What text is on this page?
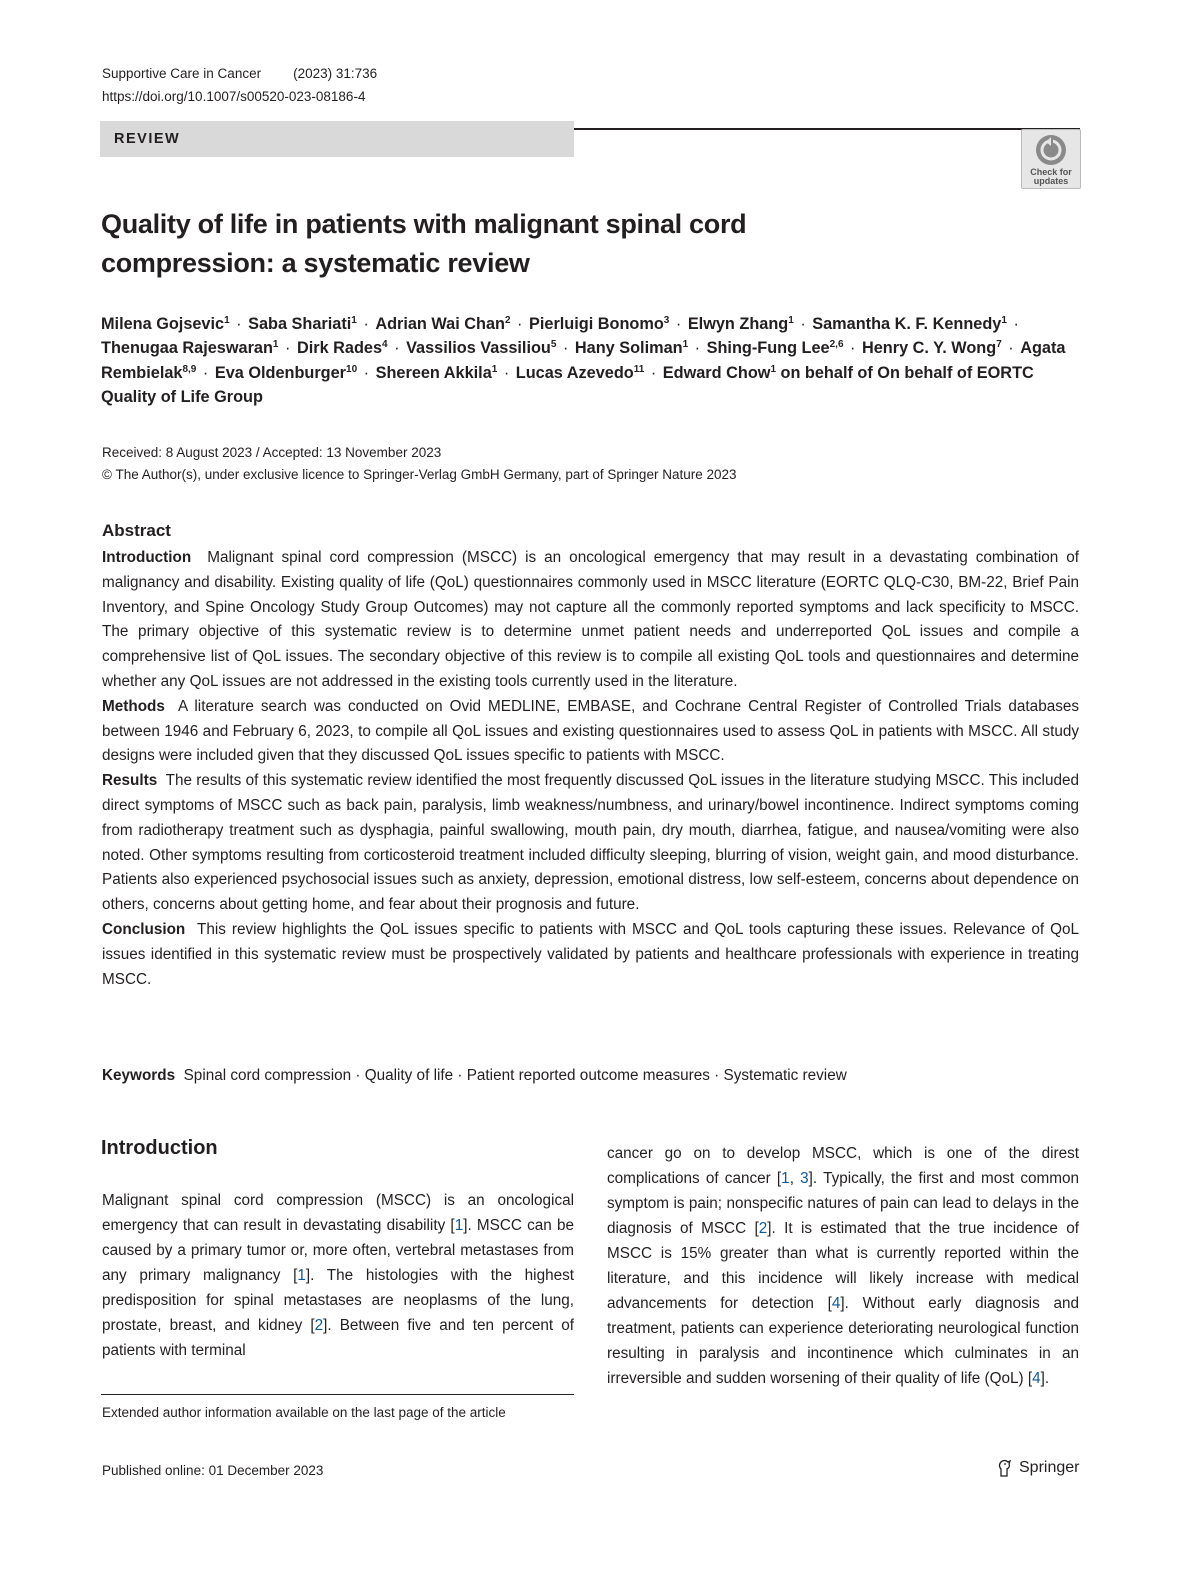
Supportive Care in Cancer (2023) 31:736
https://doi.org/10.1007/s00520-023-08186-4
REVIEW
Check for updates
Quality of life in patients with malignant spinal cord
compression: a systematic review
Milena Gojsevic$^1$ · Saba Shariati$^1$ · Adrian Wai Chan$^2$ · Pierluigi Bonomo$^3$ · Elwyn Zhang$^1$ · Samantha K. F. Kennedy$^1$ · Thenugaa Rajeswaran$^1$ · Dirk Rades$^4$ · Vassilios Vassiliou$^5$ · Hany Soliman$^1$ · Shing-Fung Lee$^{2,6}$ · Henry C. Y. Wong$^7$ · Agata Rembielak$^{8,9}$ · Eva Oldenburger$^{10}$ · Shereen Akkila$^1$ · Lucas Azevedo$^{11}$ · Edward Chow$^1$ on behalf of On behalf of EORTC Quality of Life Group
Received: 8 August 2023 / Accepted: 13 November 2023
© The Author(s), under exclusive licence to Springer-Verlag GmbH Germany, part of Springer Nature 2023
Abstract

Introduction Malignant spinal cord compression (MSCC) is an oncological emergency that may result in a devastating combination of malignancy and disability. Existing quality of life (QoL) questionnaires commonly used in MSCC literature (EORTC QLQ-C30, BM-22, Brief Pain Inventory, and Spine Oncology Study Group Outcomes) may not capture all the commonly reported symptoms and lack specificity to MSCC. The primary objective of this systematic review is to determine unmet patient needs and underreported QoL issues and compile a comprehensive list of QoL issues. The secondary objective of this review is to compile all existing QoL tools and questionnaires and determine whether any QoL issues are not addressed in the existing tools currently used in the literature.

Methods A literature search was conducted on Ovid MEDLINE, EMBASE, and Cochrane Central Register of Controlled Trials databases between 1946 and February 6, 2023, to compile all QoL issues and existing questionnaires used to assess QoL in patients with MSCC. All study designs were included given that they discussed QoL issues specific to patients with MSCC.

Results The results of this systematic review identified the most frequently discussed QoL issues in the literature studying MSCC. This included direct symptoms of MSCC such as back pain, paralysis, limb weakness/numbness, and urinary/bowel incontinence. Indirect symptoms coming from radiotherapy treatment such as dysphagia, painful swallowing, mouth pain, dry mouth, diarrhea, fatigue, and nausea/vomiting were also noted. Other symptoms resulting from corticosteroid treatment included difficulty sleeping, blurring of vision, weight gain, and mood disturbance. Patients also experienced psychosocial issues such as anxiety, depression, emotional distress, low self-esteem, concerns about dependence on others, concerns about getting home, and fear about their prognosis and future.

Conclusion This review highlights the QoL issues specific to patients with MSCC and QoL tools capturing these issues. Relevance of QoL issues identified in this systematic review must be prospectively validated by patients and healthcare professionals with experience in treating MSCC.

Keywords Spinal cord compression · Quality of life · Patient reported outcome measures · Systematic review
Introduction
Malignant spinal cord compression (MSCC) is an oncological emergency that can result in devastating disability [1]. MSCC can be caused by a primary tumor or, more often, vertebral metastases from any primary malignancy [1]. The histologies with the highest predisposition for spinal metastases are neoplasms of the lung, prostate, breast, and kidney [2]. Between five and ten percent of patients with terminal
cancer go on to develop MSCC, which is one of the direst complications of cancer [1, 3]. Typically, the first and most common symptom is pain; nonspecific natures of pain can lead to delays in the diagnosis of MSCC [2]. It is estimated that the true incidence of MSCC is 15% greater than what is currently reported within the literature, and this incidence will likely increase with medical advancements for detection [4]. Without early diagnosis and treatment, patients can experience deteriorating neurological function resulting in paralysis and incontinence which culminates in an irreversible and sudden worsening of their quality of life (QoL) [4].
Extended author information available on the last page of the article
Published online: 01 December 2023	Springer
